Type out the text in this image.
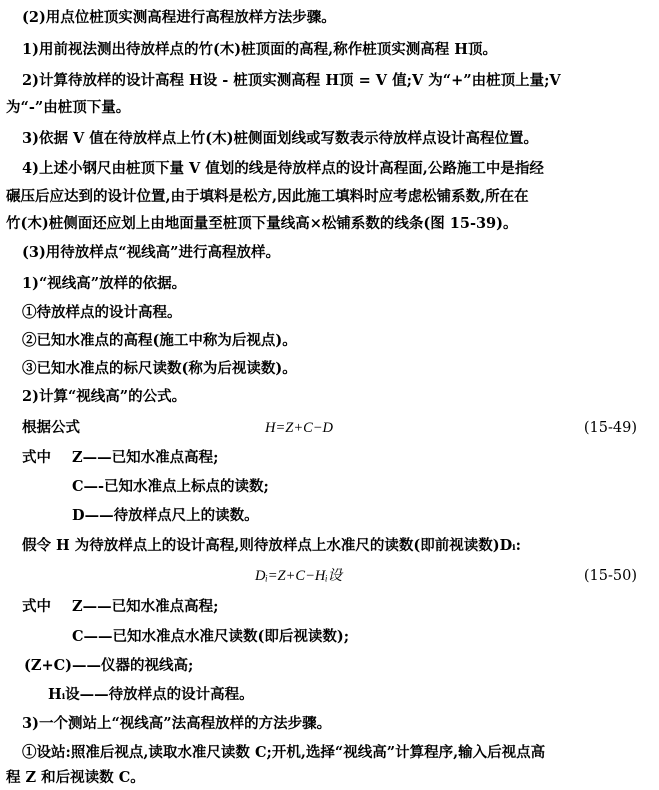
(2)用点位桩顶实测高程进行高程放样方法步骤。
1)用前视法测出待放样点的竹(木)桩顶面的高程,称作桩顶实测高程 H顶。
2)计算待放样的设计高程 H设 - 桩顶实测高程 H顶 = V 值;V 为“+”由桩顶上量;V
为“-”由桩顶下量。
3)依据 V 值在待放样点上竹(木)桩侧面划线或写数表示待放样点设计高程位置。
4)上述小钢尺由桩顶下量 V 值划的线是待放样点的设计高程面,公路施工中是指经
碾压后应达到的设计位置,由于填料是松方,因此施工填料时应考虑松铺系数,所在在
竹(木)桩侧面还应划上由地面量至桩顶下量线高×松铺系数的线条(图 15-39)。
(3)用待放样点“视线高”进行高程放样。
1)“视线高”放样的依据。
①待放样点的设计高程。
②已知水准点的高程(施工中称为后视点)。
③已知水准点的标尺读数(称为后视读数)。
2)计算“视线高”的公式。
根据公式	H=Z+C−D	(15-49)
式中 Z——已知水准点高程;
C—-已知水准点上标点的读数;
D——待放样点尺上的读数。
假令 H 为待放样点上的设计高程,则待放样点上水准尺的读数(即前视读数)Dᵢ:
Dᵢ=Z+C−Hᵢ设	(15-50)
式中 Z——已知水准点高程;
C——已知水准点水准尺读数(即后视读数);
(Z+C)——仪器的视线高;
Hᵢ设——待放样点的设计高程。
3)一个测站上“视线高”法高程放样的方法步骤。
①设站:照准后视点,读取水准尺读数 C;开机,选择“视线高”计算程序,输入后视点高
程 Z 和后视读数 C。
